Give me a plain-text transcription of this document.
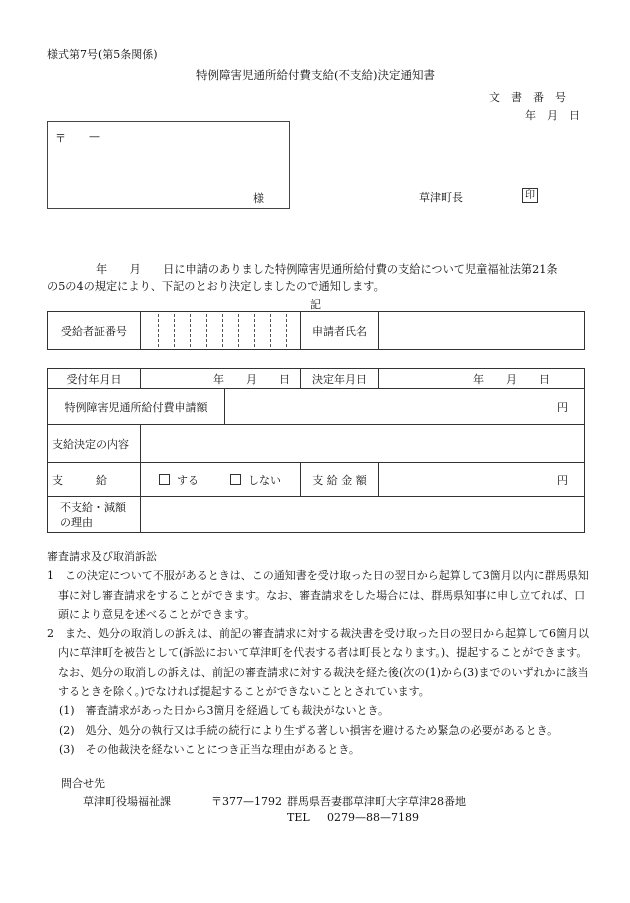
様式第7号(第5条関係)
特例障害児通所給付費支給(不支給)決定通知書
文　書　番　号
年　月　日
〒 —
様	草津町長	印
年　　月　　日に申請のありました特例障害児通所給付費の支給について児童福祉法第21条
の5の4の規定により、下記のとおり決定しましたので通知します。
記
受給者証番号		申請者氏名	
受付年月日	年　　月　　日		決定年月日	年　　月　　日
特例障害児通所給付費申請額		円		
支給決定の内容				
支　　　給	する しない		支 給 金 額	円
不支給・減額
の理由				

審査請求及び取消訴訟

1　この決定について不服があるときは、この通知書を受け取った日の翌日から起算して3箇月以内に群馬県知事に対し審査請求をすることができます。なお、審査請求をした場合には、群馬県知事に申し立てれば、口頭により意見を述べることができます。

2　また、処分の取消しの訴えは、前記の審査請求に対する裁決書を受け取った日の翌日から起算して6箇月以内に草津町を被告として(訴訟において草津町を代表する者は町長となります。)、提起することができます。なお、処分の取消しの訴えは、前記の審査請求に対する裁決を経た後(次の(1)から(3)までのいずれかに該当するときを除く。)でなければ提起することができないこととされています。

(1)　審査請求があった日から3箇月を経過しても裁決がないとき。

(2)　処分、処分の執行又は手続の続行により生ずる著しい損害を避けるため緊急の必要があるとき。

(3)　その他裁決を経ないことにつき正当な理由があるとき。

問合せ先
草津町役場福祉課	〒377—1792 群馬県吾妻郡草津町大字草津28番地
TEL 0279—88—7189
